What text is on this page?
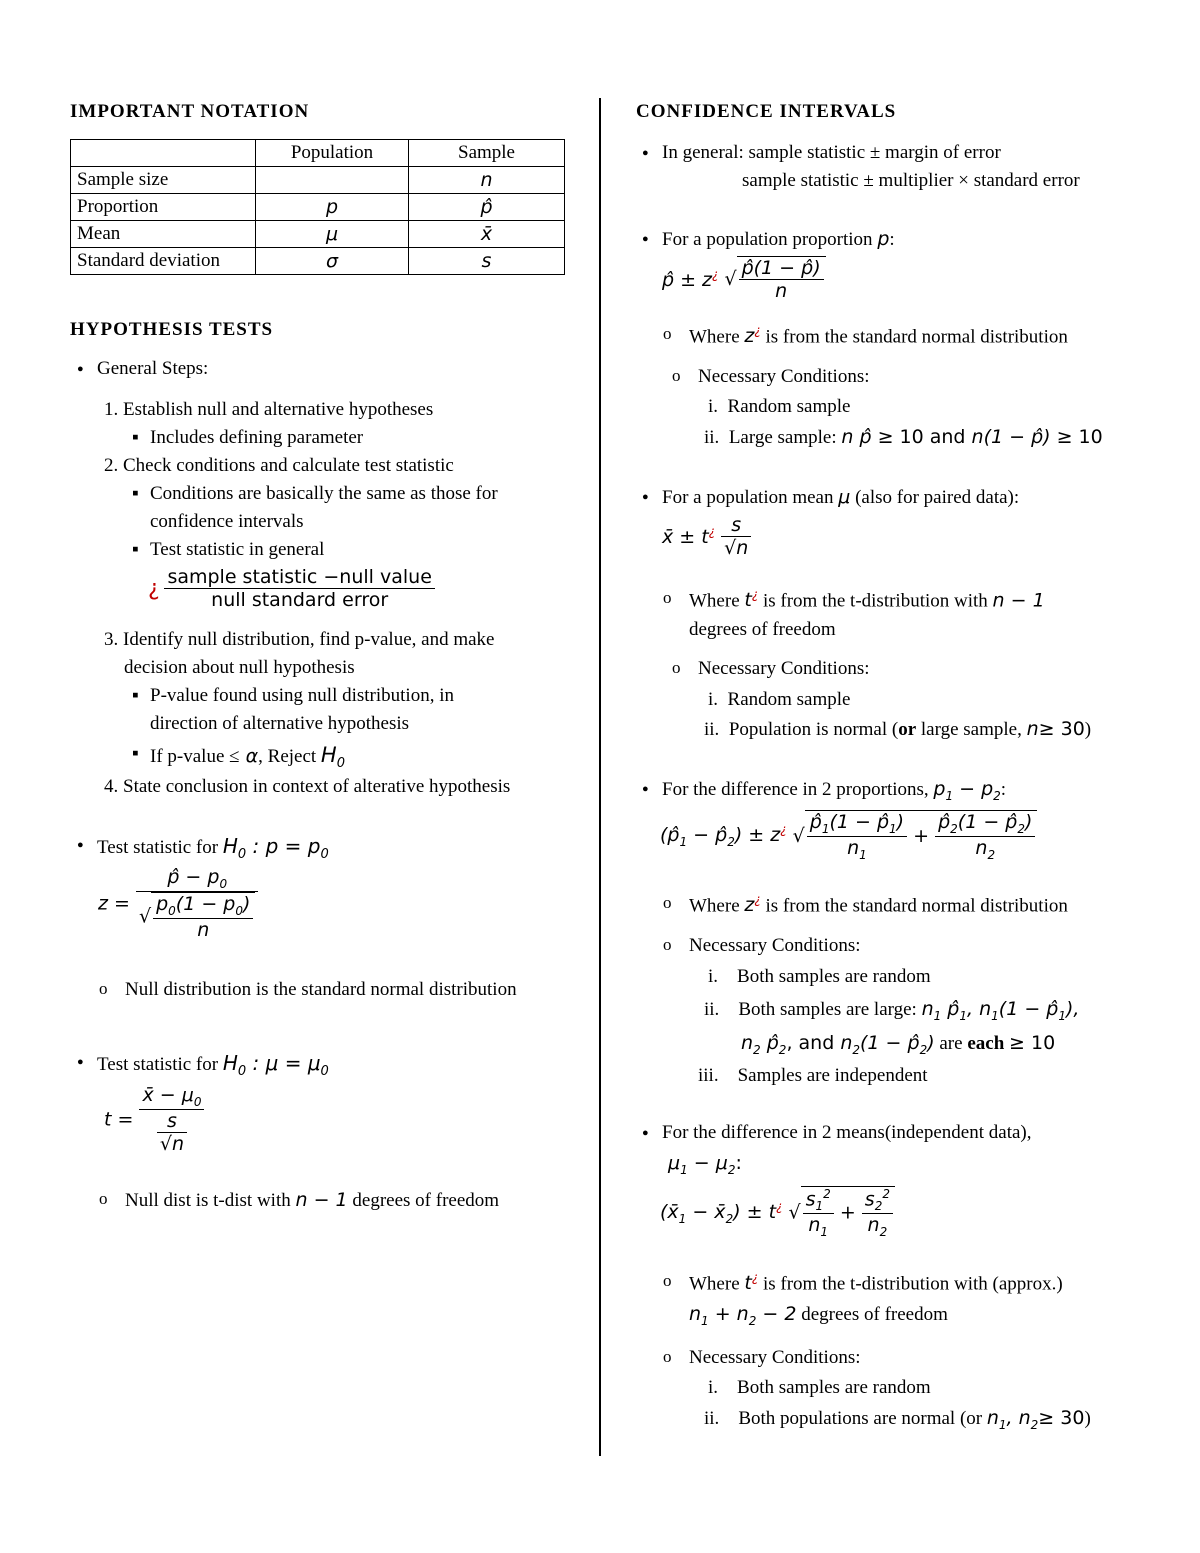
IMPORTANT NOTATION
	Population	Sample
Sample size		n
Proportion	p	p̂
Mean	μ	x̄
Standard deviation	σ	s
HYPOTHESIS TESTS
● General Steps:
1. Establish null and alternative hypotheses
▪ Includes defining parameter
2. Check conditions and calculate test statistic
▪ Conditions are basically the same as those for
confidence intervals
▪ Test statistic in general
¿ $\frac{\text{sample statistic −null value}}{\text{null standard error}}$
3. Identify null distribution, find p-value, and make
decision about null hypothesis
▪ P-value found using null distribution, in
direction of alternative hypothesis
▪ If p-value ≤ α, Reject $H_0$
4. State conclusion in context of alterative hypothesis
● Test statistic for $H_0$ : $p = p_0$
$z = \frac{p̂ - p_0}{√ \frac{p_0(1 - p_0)}{n}}$
o Null distribution is the standard normal distribution
● Test statistic for $H_0$ : $\mu = \mu_0$
$t = \frac{x̄ - \mu_0}{\frac{s}{√n}}$
o Null dist is t-dist with n − 1 degrees of freedom
CONFIDENCE INTERVALS
● In general: sample statistic ± margin of error
sample statistic ± multiplier × standard error
● For a population proportion p:
p̂ ± z¿ √ $\frac{p̂(1 - p̂)}{n}$
o Where z¿ is from the standard normal distribution
o Necessary Conditions:
i.  Random sample
ii.  Large sample: n p̂ ≥ 10 and n(1 − p̂) ≥ 10
● For a population mean μ (also for paired data):
x̄ ± $t^¿ \frac{s}{√n}$
o Where t¿ is from the t-distribution with n − 1
degrees of freedom
o Necessary Conditions:
i.  Random sample
ii.  Population is normal (or large sample, n≥ 30)
● For the difference in 2 proportions, $p_1 - p_2$:
($p̂_1$ − $p̂_2) \pm z^¿$ √ $\frac{p̂_1(1 - p̂_1)}{n_1} + \frac{p̂_2(1 - p̂_2)}{n_2}$
o Where z¿ is from the standard normal distribution
o Necessary Conditions:
i.    Both samples are random
ii.    Both samples are large: $n_1$ $p̂_1$, $n_1(1$ − $p̂_1$),
$n_2$ $p̂_2$, and $n_2(1$ − $p̂_2$) are each ≥ 10
iii.    Samples are independent
● For the difference in 2 means(independent data),
$\mu_1 - \mu_2$:
($x̄_1$ − $x̄_2) \pm t^¿$ √ $\frac{s_1^2}{n_1} + \frac{s_2^2}{n_2}$
o Where t¿ is from the t-distribution with (approx.)
$n_1 + n_2 - 2$ degrees of freedom
o Necessary Conditions:
i.    Both samples are random
ii.    Both populations are normal (or $n_1$, $n_2\ge 30$)
